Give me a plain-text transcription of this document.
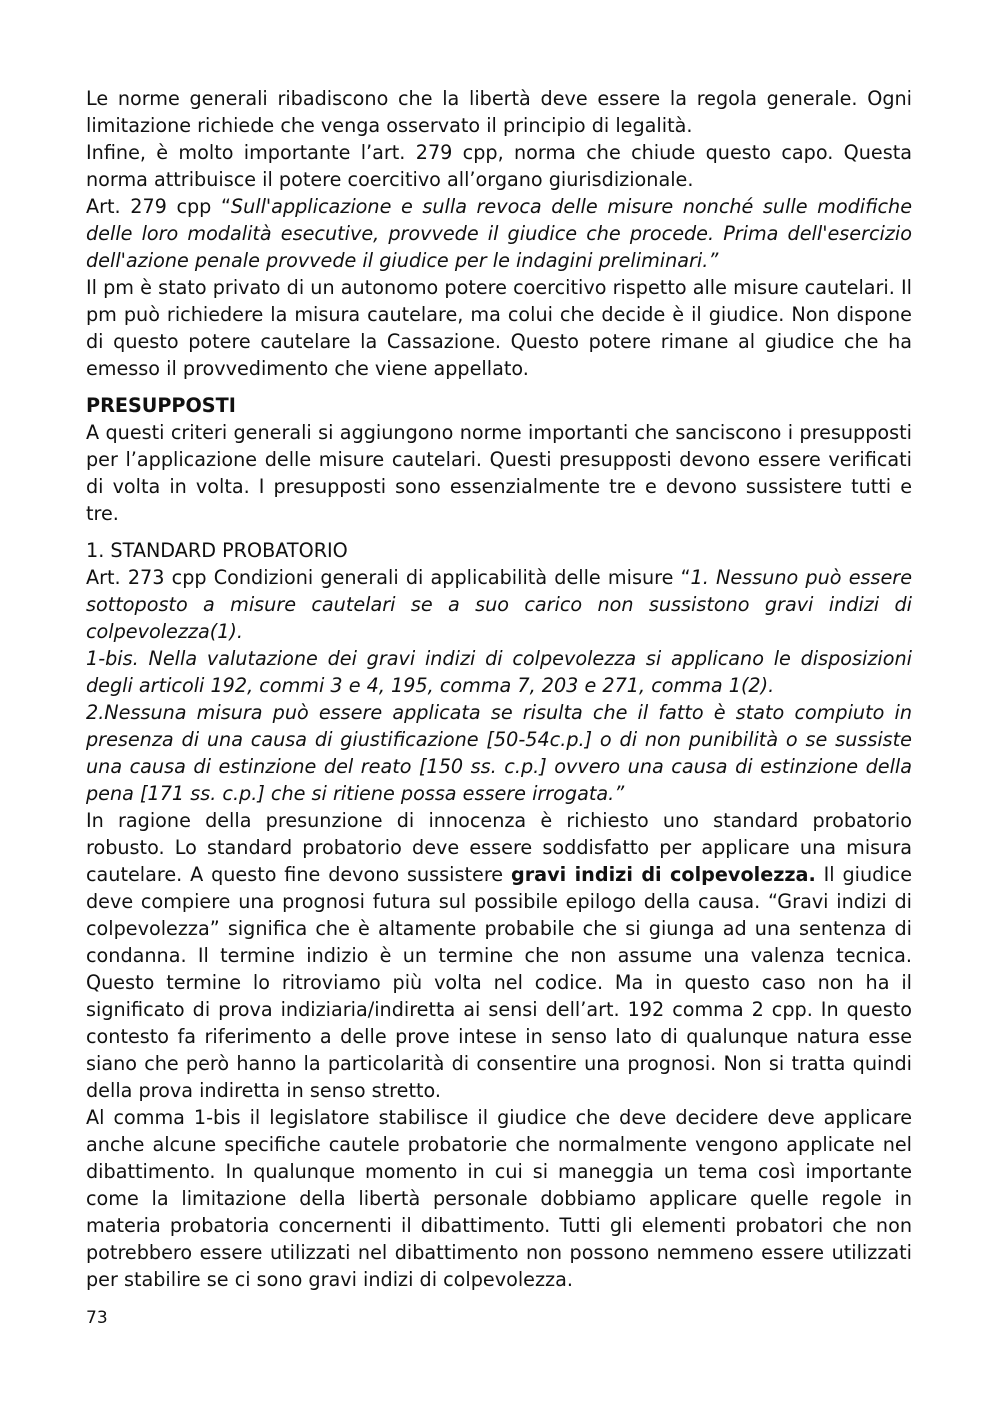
Le norme generali ribadiscono che la libertà deve essere la regola generale. Ogni limitazione richiede che venga osservato il principio di legalità.

Infine, è molto importante l’art. 279 cpp, norma che chiude questo capo. Questa norma attribuisce il potere coercitivo all’organo giurisdizionale.

Art. 279 cpp “Sull'applicazione e sulla revoca delle misure nonché sulle modifiche delle loro modalità esecutive, provvede il giudice che procede. Prima dell'esercizio dell'azione penale provvede il giudice per le indagini preliminari.”

Il pm è stato privato di un autonomo potere coercitivo rispetto alle misure cautelari. Il pm può richiedere la misura cautelare, ma colui che decide è il giudice. Non dispone di questo potere cautelare la Cassazione. Questo potere rimane al giudice che ha emesso il provvedimento che viene appellato.

PRESUPPOSTI

A questi criteri generali si aggiungono norme importanti che sanciscono i presupposti per l’applicazione delle misure cautelari. Questi presupposti devono essere verificati di volta in volta. I presupposti sono essenzialmente tre e devono sussistere tutti e tre.

1. STANDARD PROBATORIO

Art. 273 cpp Condizioni generali di applicabilità delle misure “1. Nessuno può essere sottoposto a misure cautelari se a suo carico non sussistono gravi indizi di colpevolezza(1).

1-bis. Nella valutazione dei gravi indizi di colpevolezza si applicano le disposizioni degli articoli 192, commi 3 e 4, 195, comma 7, 203 e 271, comma 1(2).

2.Nessuna misura può essere applicata se risulta che il fatto è stato compiuto in presenza di una causa di giustificazione [50-54c.p.] o di non punibilità o se sussiste una causa di estinzione del reato [150 ss. c.p.] ovvero una causa di estinzione della pena [171 ss. c.p.] che si ritiene possa essere irrogata.”

In ragione della presunzione di innocenza è richiesto uno standard probatorio robusto. Lo standard probatorio deve essere soddisfatto per applicare una misura cautelare. A questo fine devono sussistere gravi indizi di colpevolezza. Il giudice deve compiere una prognosi futura sul possibile epilogo della causa. “Gravi indizi di colpevolezza” significa che è altamente probabile che si giunga ad una sentenza di condanna. Il termine indizio è un termine che non assume una valenza tecnica. Questo termine lo ritroviamo più volta nel codice. Ma in questo caso non ha il significato di prova indiziaria/indiretta ai sensi dell’art. 192 comma 2 cpp. In questo contesto fa riferimento a delle prove intese in senso lato di qualunque natura esse siano che però hanno la particolarità di consentire una prognosi. Non si tratta quindi della prova indiretta in senso stretto.

Al comma 1-bis il legislatore stabilisce il giudice che deve decidere deve applicare anche alcune specifiche cautele probatorie che normalmente vengono applicate nel dibattimento. In qualunque momento in cui si maneggia un tema così importante come la limitazione della libertà personale dobbiamo applicare quelle regole in materia probatoria concernenti il dibattimento. Tutti gli elementi probatori che non potrebbero essere utilizzati nel dibattimento non possono nemmeno essere utilizzati per stabilire se ci sono gravi indizi di colpevolezza.

73
